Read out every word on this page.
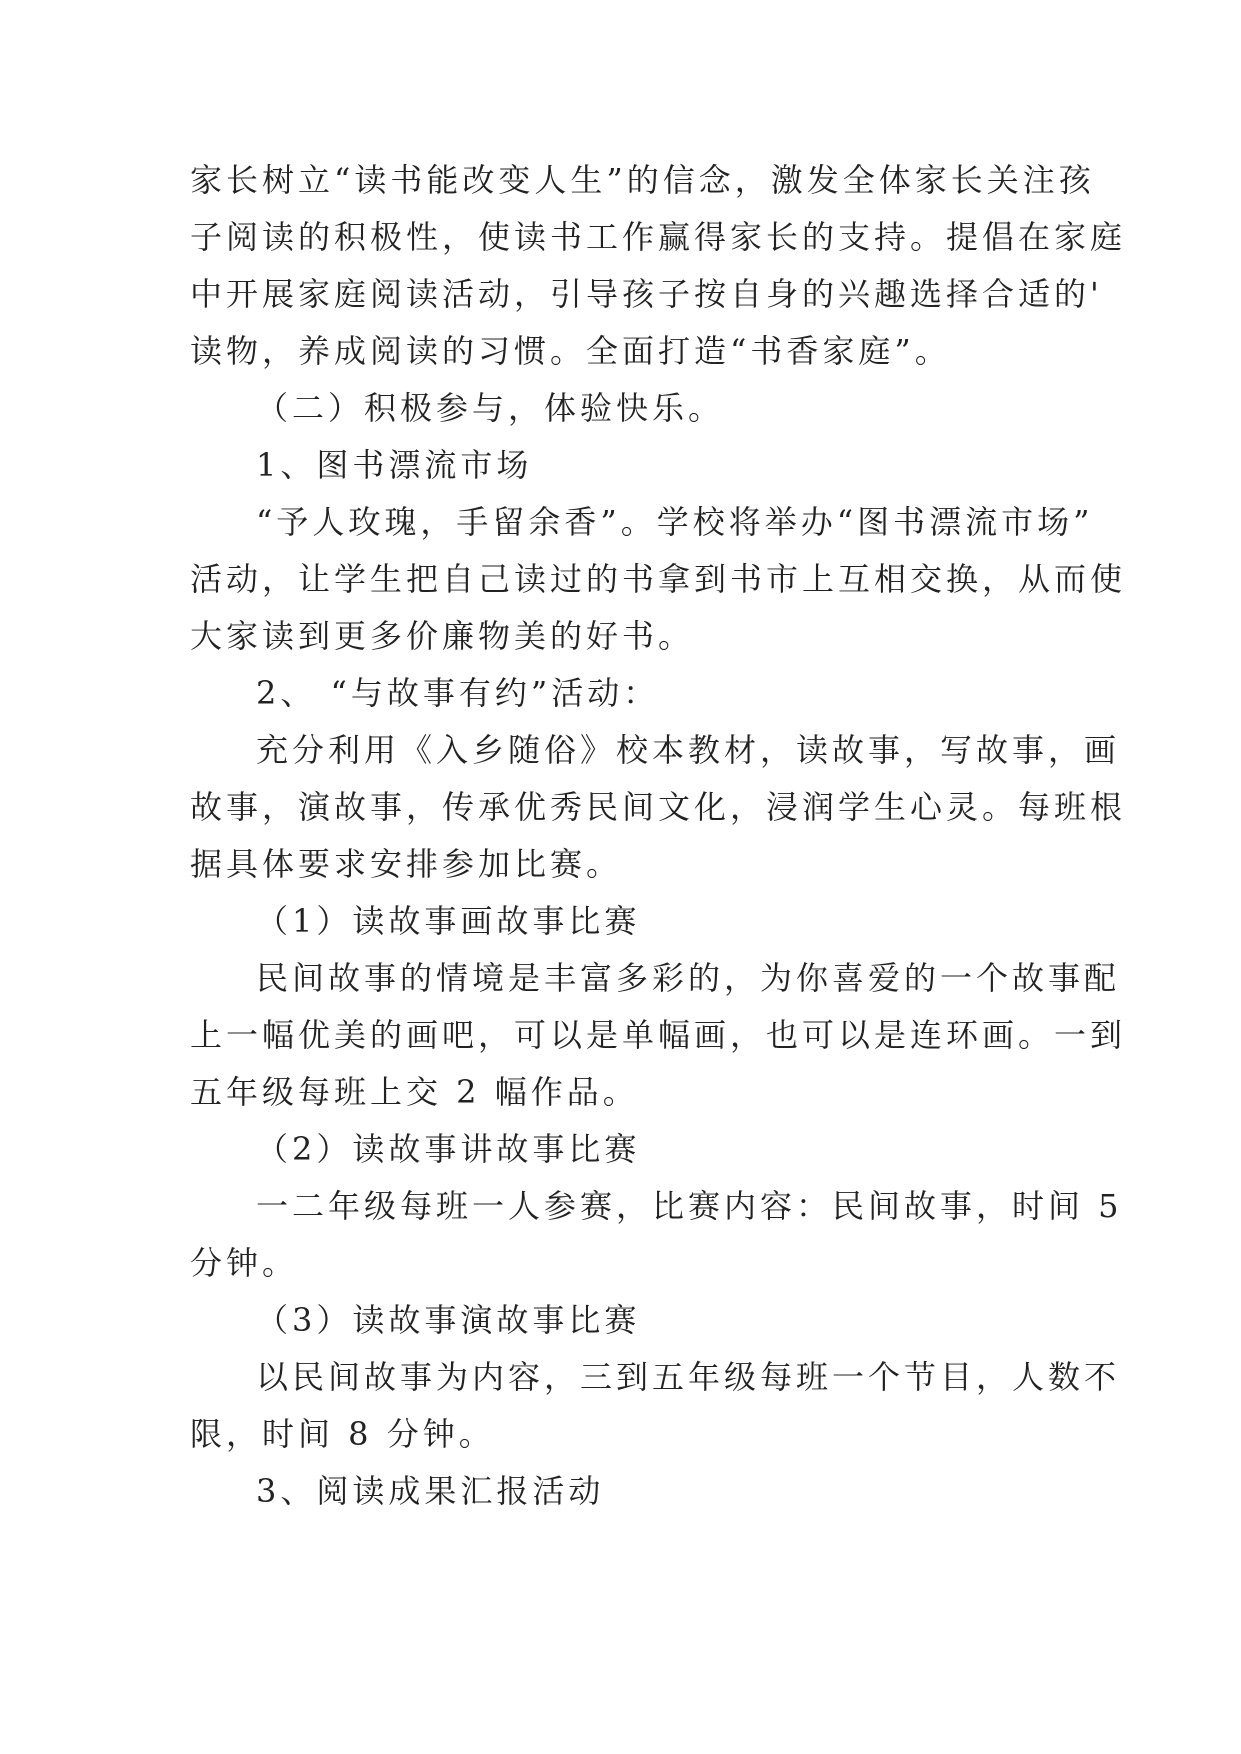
家长树立“读书能改变人生”的信念，激发全体家长关注孩
子阅读的积极性，使读书工作赢得家长的支持。提倡在家庭
中开展家庭阅读活动，引导孩子按自身的兴趣选择合适的'
读物，养成阅读的习惯。全面打造“书香家庭”。
（二）积极参与，体验快乐。
1、图书漂流市场
“予人玫瑰，手留余香”。学校将举办“图书漂流市场”
活动，让学生把自己读过的书拿到书市上互相交换，从而使
大家读到更多价廉物美的好书。
2、 “与故事有约”活动：
充分利用《入乡随俗》校本教材，读故事，写故事，画
故事，演故事，传承优秀民间文化，浸润学生心灵。每班根
据具体要求安排参加比赛。
（1）读故事画故事比赛
民间故事的情境是丰富多彩的，为你喜爱的一个故事配
上一幅优美的画吧，可以是单幅画，也可以是连环画。一到
五年级每班上交 2 幅作品。
（2）读故事讲故事比赛
一二年级每班一人参赛，比赛内容：民间故事，时间 5
分钟。
（3）读故事演故事比赛
以民间故事为内容，三到五年级每班一个节目，人数不
限，时间 8 分钟。
3、阅读成果汇报活动
